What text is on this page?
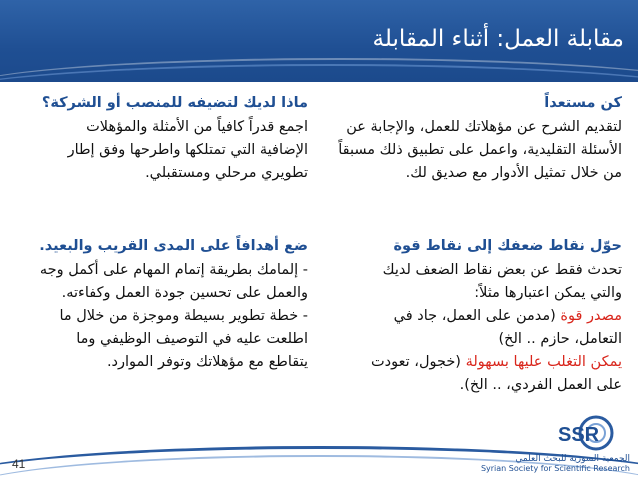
مقابلة العمل: أثناء المقابلة
كن مستعداً
لتقديم الشرح عن مؤهلاتك للعمل، والإجابة عن
الأسئلة التقليدية، واعمل على تطبيق ذلك مسبقاً
من خلال تمثيل الأدوار مع صديق لك.
ماذا لديك لتضيفه للمنصب أو الشركة؟
اجمع قدراً كافياً من الأمثلة والمؤهلات
الإضافية التي تمتلكها واطرحها وفق إطار
تطويري مرحلي ومستقبلي.
حوّل نقاط ضعفك إلى نقاط قوة
تحدث فقط عن بعض نقاط الضعف لديك
والتي يمكن اعتبارها مثلاً:
مصدر قوة (مدمن على العمل، جاد في
التعامل، حازم .. الخ)
يمكن التغلب عليها بسهولة (خجول، تعودت
على العمل الفردي، .. الخ).
ضع أهدافاً على المدى القريب والبعيد.
- إلمامك بطريقة إتمام المهام على أكمل وجه
والعمل على تحسين جودة العمل وكفاءته.
- خطة تطوير بسيطة وموجزة من خلال ما
اطلعت عليه في التوصيف الوظيفي وما
يتقاطع مع مؤهلاتك وتوفر الموارد.
41
SSR
الجمعية السورية للبحث العلمي
Syrian Society for Scientific Research
